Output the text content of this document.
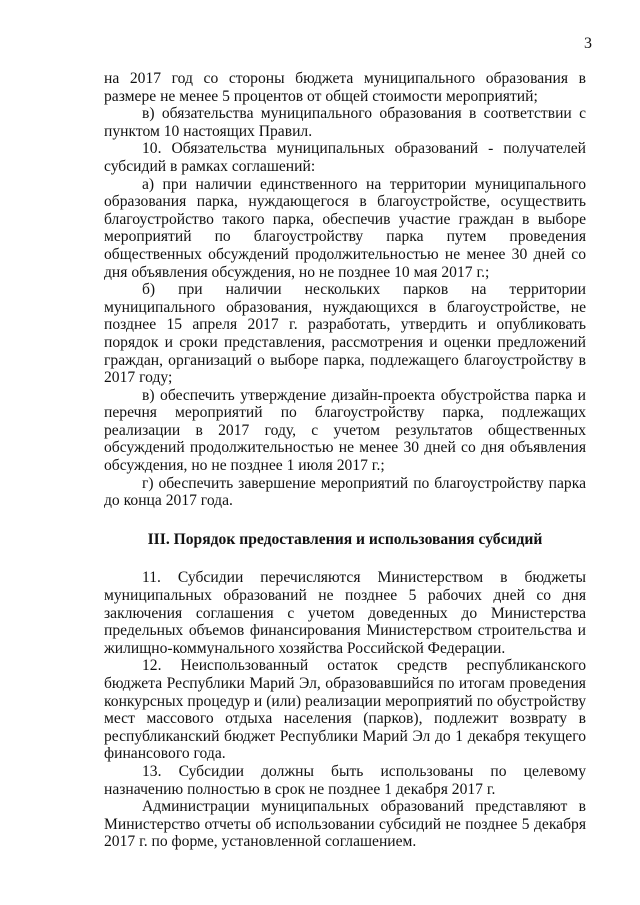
3

на 2017 год со стороны бюджета муниципального образования в размере не менее 5 процентов от общей стоимости мероприятий;

в) обязательства муниципального образования в соответствии с пунктом 10 настоящих Правил.

10. Обязательства муниципальных образований - получателей субсидий в рамках соглашений:

а) при наличии единственного на территории муниципального образования парка, нуждающегося в благоустройстве, осуществить благоустройство такого парка, обеспечив участие граждан в выборе мероприятий по благоустройству парка путем проведения общественных обсуждений продолжительностью не менее 30 дней со дня объявления обсуждения, но не позднее 10 мая 2017 г.;

б) при наличии нескольких парков на территории муниципального образования, нуждающихся в благоустройстве, не позднее 15 апреля 2017 г. разработать, утвердить и опубликовать порядок и сроки представления, рассмотрения и оценки предложений граждан, организаций о выборе парка, подлежащего благоустройству в 2017 году;

в) обеспечить утверждение дизайн-проекта обустройства парка и перечня мероприятий по благоустройству парка, подлежащих реализации в 2017 году, с учетом результатов общественных обсуждений продолжительностью не менее 30 дней со дня объявления обсуждения, но не позднее 1 июля 2017 г.;

г) обеспечить завершение мероприятий по благоустройству парка до конца 2017 года.

III. Порядок предоставления и использования субсидий

11. Субсидии перечисляются Министерством в бюджеты муниципальных образований не позднее 5 рабочих дней со дня заключения соглашения с учетом доведенных до Министерства предельных объемов финансирования Министерством строительства и жилищно-коммунального хозяйства Российской Федерации.

12. Неиспользованный остаток средств республиканского бюджета Республики Марий Эл, образовавшийся по итогам проведения конкурсных процедур и (или) реализации мероприятий по обустройству мест массового отдыха населения (парков), подлежит возврату в республиканский бюджет Республики Марий Эл до 1 декабря текущего финансового года.

13. Субсидии должны быть использованы по целевому назначению полностью в срок не позднее 1 декабря 2017 г.

Администрации муниципальных образований представляют в Министерство отчеты об использовании субсидий не позднее 5 декабря 2017 г. по форме, установленной соглашением.
